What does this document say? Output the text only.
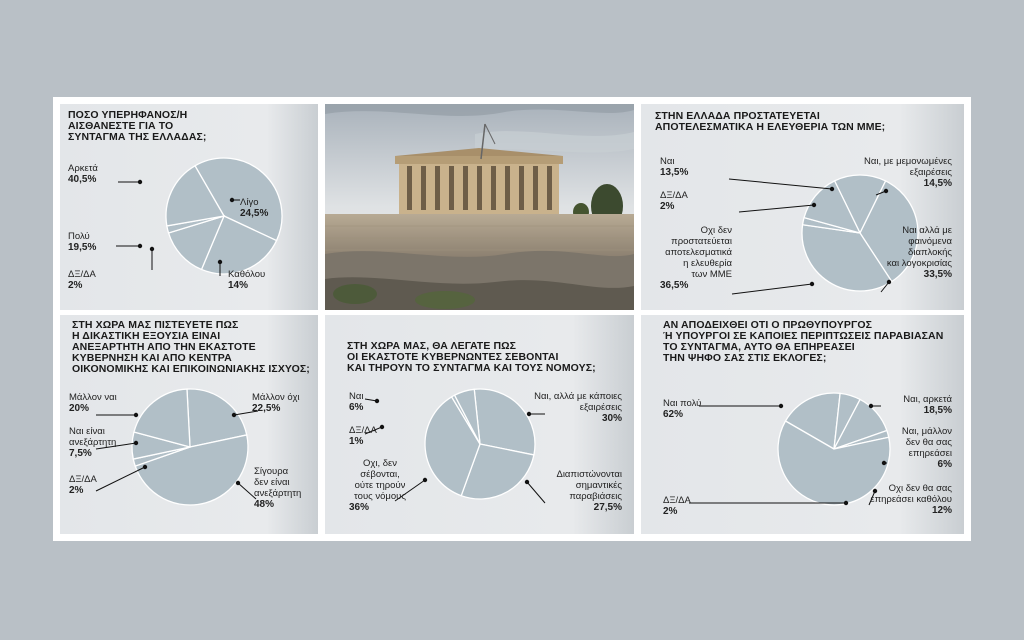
ΠΟΣΟ ΥΠΕΡΗΦΑΝΟΣ/Η
ΑΙΣΘΑΝΕΣΤΕ ΓΙΑ ΤΟ
ΣΥΝΤΑΓΜΑ ΤΗΣ ΕΛΛΑΔΑΣ;
Αρκετά
40,5%
Λίγο
24,5%
Πολύ
19,5%
ΔΞ/ΔΑ
2%
Καθόλου
14%
ΣΤΗΝ ΕΛΛΑΔΑ ΠΡΟΣΤΑΤΕΥΕΤΑΙ
ΑΠΟΤΕΛΕΣΜΑΤΙΚΑ Η ΕΛΕΥΘΕΡΙΑ ΤΩΝ ΜΜΕ;
Ναι
13,5%
Ναι, με μεμονωμένες
εξαιρέσεις
14,5%
ΔΞ/ΔΑ
2%
Οχι δεν
προστατεύεται
αποτελεσματικά
η ελευθερία
των ΜΜΕ
36,5%
Ναι αλλά με
φαινόμενα
διαπλοκής
και λογοκρισίας
33,5%
ΣΤΗ ΧΩΡΑ ΜΑΣ ΠΙΣΤΕΥΕΤΕ ΠΩΣ
Η ΔΙΚΑΣΤΙΚΗ ΕΞΟΥΣΙΑ ΕΙΝΑΙ
ΑΝΕΞΑΡΤΗΤΗ ΑΠΟ ΤΗΝ ΕΚΑΣΤΟΤΕ
ΚΥΒΕΡΝΗΣΗ ΚΑΙ ΑΠΟ ΚΕΝΤΡΑ
ΟΙΚΟΝΟΜΙΚΗΣ ΚΑΙ ΕΠΙΚΟΙΝΩΝΙΑΚΗΣ ΙΣΧΥΟΣ;
Μάλλον ναι
20%
Μάλλον όχι
22,5%
Ναι είναι
ανεξάρτητη
7,5%
ΔΞ/ΔΑ
2%
Σίγουρα
δεν είναι
ανεξάρτητη
48%
ΣΤΗ ΧΩΡΑ ΜΑΣ, ΘΑ ΛΕΓΑΤΕ ΠΩΣ
ΟΙ ΕΚΑΣΤΟΤΕ ΚΥΒΕΡΝΩΝΤΕΣ ΣΕΒΟΝΤΑΙ
ΚΑΙ ΤΗΡΟΥΝ ΤΟ ΣΥΝΤΑΓΜΑ ΚΑΙ ΤΟΥΣ ΝΟΜΟΥΣ;
Ναι
6%
Ναι, αλλά με κάποιες
εξαιρέσεις
30%
ΔΞ/ΔΑ
1%
Οχι, δεν
σέβονται,
ούτε τηρούν
τους νόμους
36%
Διαπιστώνονται
σημαντικές
παραβιάσεις
27,5%
ΑΝ ΑΠΟΔΕΙΧΘΕΙ ΟΤΙ Ο ΠΡΩΘΥΠΟΥΡΓΟΣ
Ή ΥΠΟΥΡΓΟΙ ΣΕ ΚΑΠΟΙΕΣ ΠΕΡΙΠΤΩΣΕΙΣ ΠΑΡΑΒΙΑΣΑΝ
ΤΟ ΣΥΝΤΑΓΜΑ, ΑΥΤΟ ΘΑ ΕΠΗΡΕΑΣΕΙ
ΤΗΝ ΨΗΦΟ ΣΑΣ ΣΤΙΣ ΕΚΛΟΓΕΣ;
Ναι πολύ
62%
Ναι, αρκετά
18,5%
Ναι, μάλλον
δεν θα σας
επηρεάσει
6%
Οχι δεν θα σας
επηρεάσει καθόλου
12%
ΔΞ/ΔΑ
2%
